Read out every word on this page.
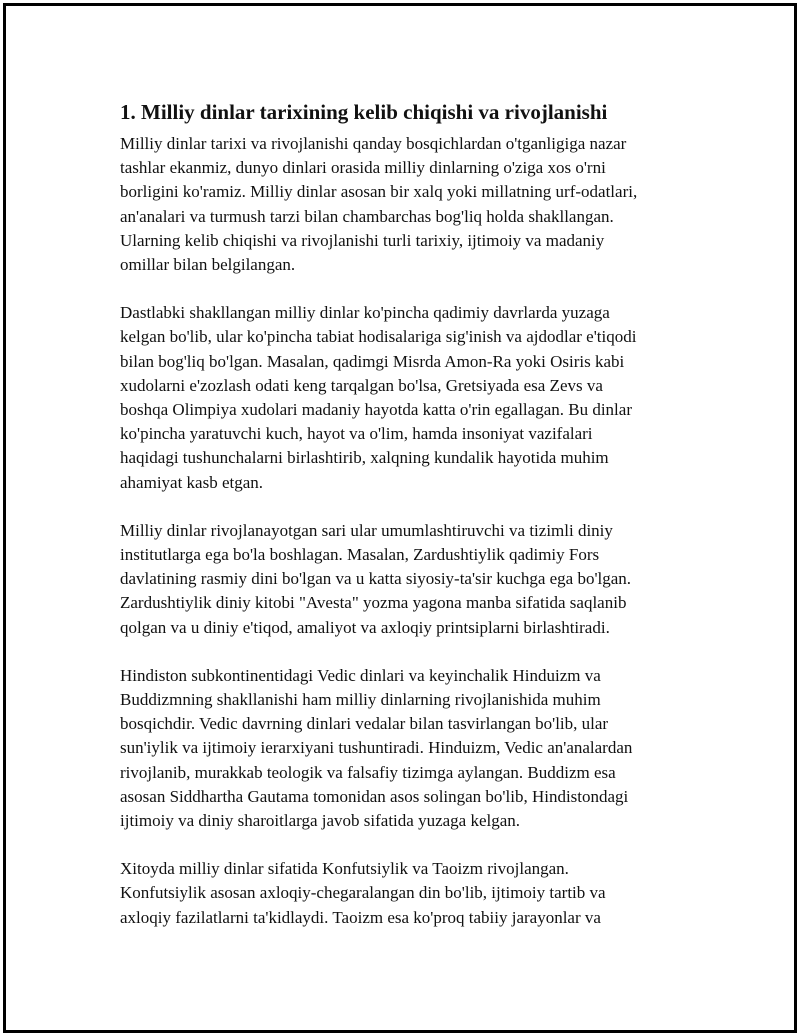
1. Milliy dinlar tarixining kelib chiqishi va rivojlanishi
Milliy dinlar tarixi va rivojlanishi qanday bosqichlardan o'tganligiga nazar
tashlar ekanmiz, dunyo dinlari orasida milliy dinlarning o'ziga xos o'rni
borligini ko'ramiz. Milliy dinlar asosan bir xalq yoki millatning urf-odatlari,
an'analari va turmush tarzi bilan chambarchas bog'liq holda shakllangan.
Ularning kelib chiqishi va rivojlanishi turli tarixiy, ijtimoiy va madaniy
omillar bilan belgilangan.
Dastlabki shakllangan milliy dinlar ko'pincha qadimiy davrlarda yuzaga
kelgan bo'lib, ular ko'pincha tabiat hodisalariga sig'inish va ajdodlar e'tiqodi
bilan bog'liq bo'lgan. Masalan, qadimgi Misrda Amon-Ra yoki Osiris kabi
xudolarni e'zozlash odati keng tarqalgan bo'lsa, Gretsiyada esa Zevs va
boshqa Olimpiya xudolari madaniy hayotda katta o'rin egallagan. Bu dinlar
ko'pincha yaratuvchi kuch, hayot va o'lim, hamda insoniyat vazifalari
haqidagi tushunchalarni birlashtirib, xalqning kundalik hayotida muhim
ahamiyat kasb etgan.
Milliy dinlar rivojlanayotgan sari ular umumlashtiruvchi va tizimli diniy
institutlarga ega bo'la boshlagan. Masalan, Zardushtiylik qadimiy Fors
davlatining rasmiy dini bo'lgan va u katta siyosiy-ta'sir kuchga ega bo'lgan.
Zardushtiylik diniy kitobi "Avesta" yozma yagona manba sifatida saqlanib
qolgan va u diniy e'tiqod, amaliyot va axloqiy printsiplarni birlashtiradi.
Hindiston subkontinentidagi Vedic dinlari va keyinchalik Hinduizm va
Buddizmning shakllanishi ham milliy dinlarning rivojlanishida muhim
bosqichdir. Vedic davrning dinlari vedalar bilan tasvirlangan bo'lib, ular
sun'iylik va ijtimoiy ierarxiyani tushuntiradi. Hinduizm, Vedic an'analardan
rivojlanib, murakkab teologik va falsafiy tizimga aylangan. Buddizm esa
asosan Siddhartha Gautama tomonidan asos solingan bo'lib, Hindistondagi
ijtimoiy va diniy sharoitlarga javob sifatida yuzaga kelgan.
Xitoyda milliy dinlar sifatida Konfutsiylik va Taoizm rivojlangan.
Konfutsiylik asosan axloqiy-chegaralangan din bo'lib, ijtimoiy tartib va
axloqiy fazilatlarni ta'kidlaydi. Taoizm esa ko'proq tabiiy jarayonlar va
